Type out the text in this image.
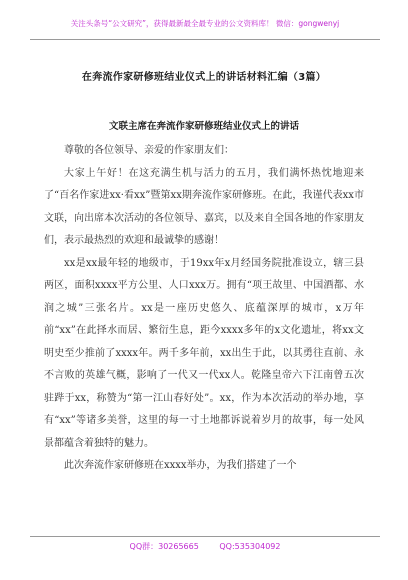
关注头条号“公文研究”，获得最新最全最专业的公文资料库！ 微信：gongwenyj
在奔流作家研修班结业仪式上的讲话材料汇编（3篇）
文联主席在奔流作家研修班结业仪式上的讲话

尊敬的各位领导、亲爱的作家朋友们：

大家上午好！在这充满生机与活力的五月，我们满怀热忱地迎来了“百名作家进xx·看xx”暨第xx期奔流作家研修班。在此，我谨代表xx市文联，向出席本次活动的各位领导、嘉宾，以及来自全国各地的作家朋友们，表示最热烈的欢迎和最诚挚的感谢！

xx是xx最年轻的地级市，于19xx年x月经国务院批准设立，辖三县两区，面积xxxx平方公里、人口xxx万。拥有“项王故里、中国酒都、水润之城”三张名片。xx是一座历史悠久、底蕴深厚的城市，x万年前“xx”在此择水而居、繁衍生息，距今xxxx多年的x文化遗址，将xx文明史至少推前了xxxx年。两千多年前，xx出生于此，以其勇往直前、永不言败的英雄气概，影响了一代又一代xx人。乾隆皇帝六下江南曾五次驻跸于xx，称赞为“第一江山春好处”。xx，作为本次活动的举办地，享有“xx”等诸多美誉，这里的每一寸土地都诉说着岁月的故事，每一处风景都蕴含着独特的魅力。

此次奔流作家研修班在xxxx举办，为我们搭建了一个

QQ群：30265665	QQ:535304092
